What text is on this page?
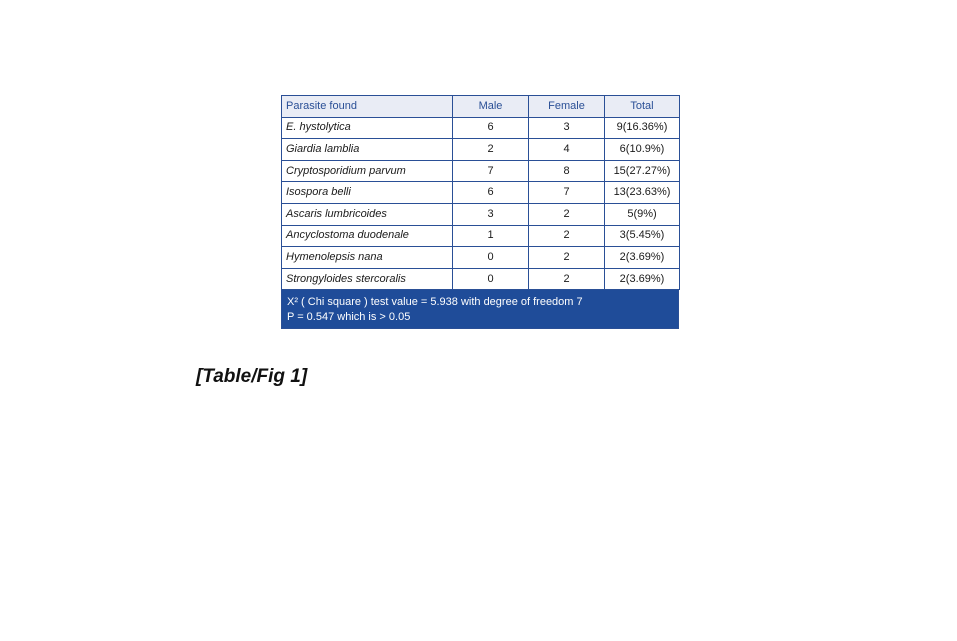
Parasite found	Male	Female	Total
E. hystolytica	6	3	9(16.36%)
Giardia lamblia	2	4	6(10.9%)
Cryptosporidium parvum	7	8	15(27.27%)
Isospora belli	6	7	13(23.63%)
Ascaris lumbricoides	3	2	5(9%)
Ancyclostoma duodenale	1	2	3(5.45%)
Hymenolepsis nana	0	2	2(3.69%)
Strongyloides stercoralis	0	2	2(3.69%)
X² ( Chi square ) test value = 5.938 with degree of freedom 7
P = 0.547 which is > 0.05
[Table/Fig 1]
